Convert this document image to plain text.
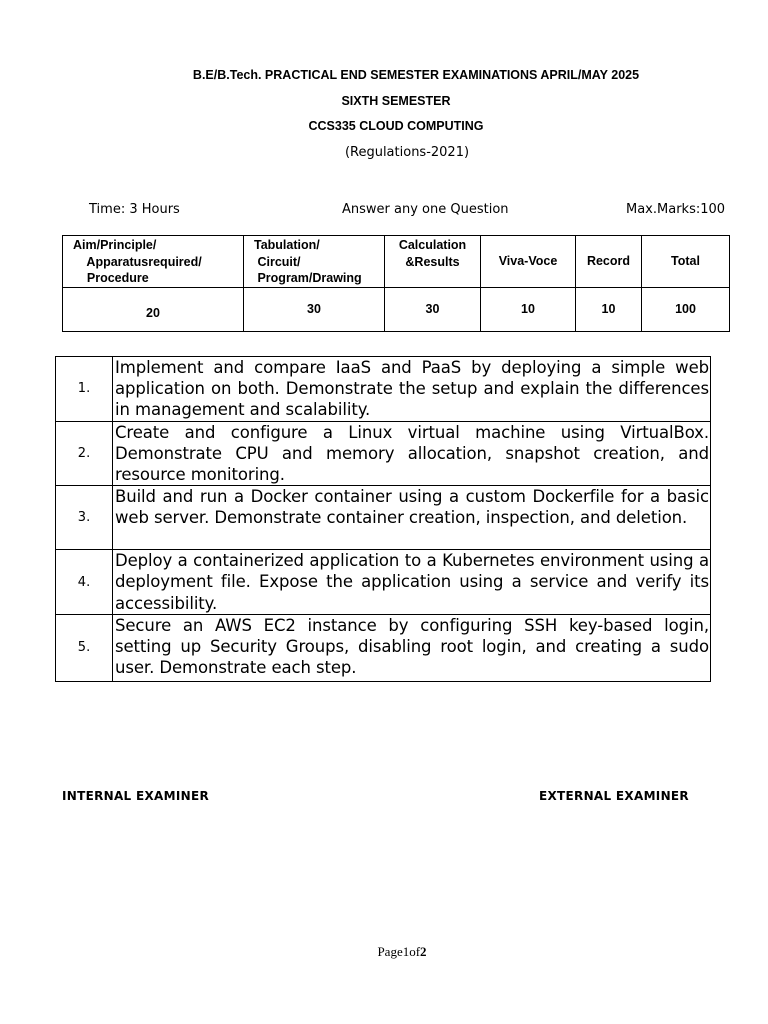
B.E/B.Tech. PRACTICAL END SEMESTER EXAMINATIONS APRIL/MAY 2025
SIXTH SEMESTER
CCS335 CLOUD COMPUTING
(Regulations-2021)
Time: 3 Hours	Answer any one Question	Max.Marks:100
Aim/Principle/
Apparatusrequired/
Procedure	Tabulation/
Circuit/
Program/Drawing	Calculation
&Results	Viva-Voce	Record	Total
20	30	30	10	10	100
1.	Implement and compare IaaS and PaaS by deploying a simple web application on both. Demonstrate the setup and explain the differences in management and scalability.
2.	Create and configure a Linux virtual machine using VirtualBox. Demonstrate CPU and memory allocation, snapshot creation, and resource monitoring.
3.	Build and run a Docker container using a custom Dockerfile for a basic web server. Demonstrate container creation, inspection, and deletion.
4.	Deploy a containerized application to a Kubernetes environment using a deployment file. Expose the application using a service and verify its accessibility.
5.	Secure an AWS EC2 instance by configuring SSH key-based login, setting up Security Groups, disabling root login, and creating a sudo user. Demonstrate each step.
INTERNAL EXAMINER	EXTERNAL EXAMINER
Page1of2
